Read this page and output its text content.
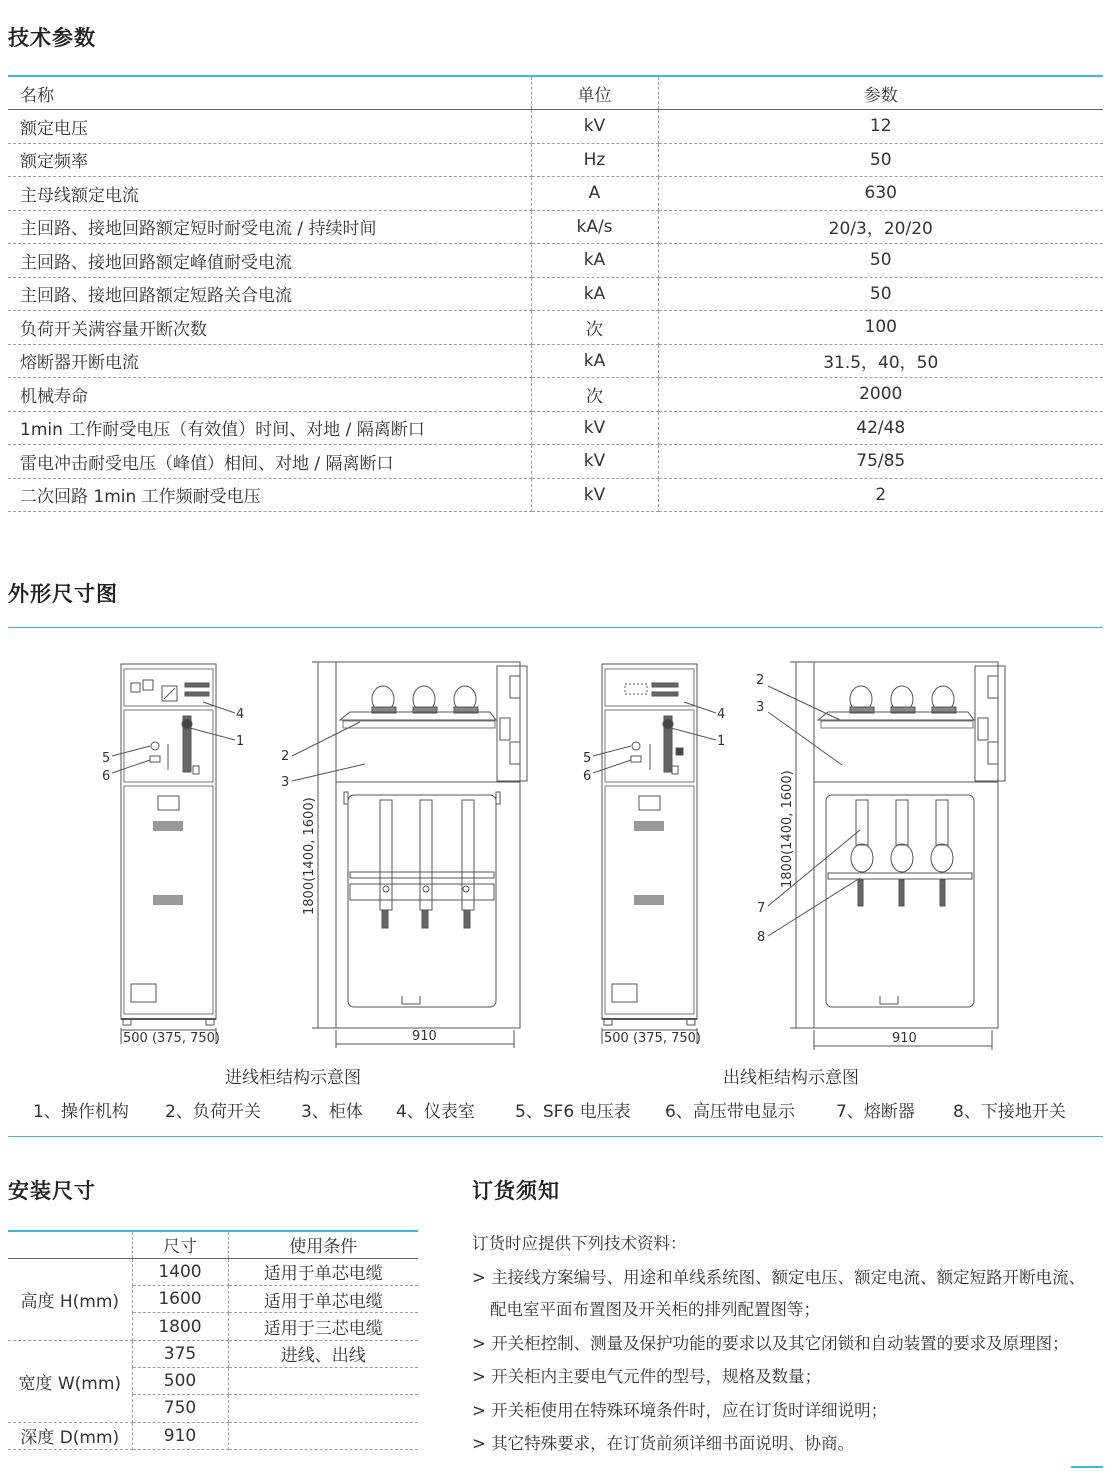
技术参数
名称	单位	参数
额定电压	kV	12
额定频率	Hz	50
主母线额定电流	A	630
主回路、接地回路额定短时耐受电流 / 持续时间	kA/s	20/3，20/20
主回路、接地回路额定峰值耐受电流	kA	50
主回路、接地回路额定短路关合电流	kA	50
负荷开关满容量开断次数	次	100
熔断器开断电流	kA	31.5，40，50
机械寿命	次	2000
1min 工作耐受电压（有效值）时间、对地 / 隔离断口	kV	42/48
雷电冲击耐受电压（峰值）相间、对地 / 隔离断口	kV	75/85
二次回路 1min 工作频耐受电压	kV	2
外形尺寸图
4
1
5
6
500 (375, 750)
2
3
1800(1400, 1600)
910
4
1
5
6
500 (375, 750)
2
3
7
8
1800(1400, 1600)
910
进线柜结构示意图	出线柜结构示意图
1、操作机构 2、负荷开关 3、柜体 4、仪表室 5、SF6 电压表 6、高压带电显示 7、熔断器 8、下接地开关
安装尺寸
	尺寸	使用条件
高度 H(mm)	1400	适用于单芯电缆
	1600	适用于单芯电缆
	1800	适用于三芯电缆
宽度 W(mm)	375	进线、出线
	500	
	750	
深度 D(mm)	910	
订货须知
订货时应提供下列技术资料：
> 主接线方案编号、用途和单线系统图、额定电压、额定电流、额定短路开断电流、
配电室平面布置图及开关柜的排列配置图等；
> 开关柜控制、测量及保护功能的要求以及其它闭锁和自动装置的要求及原理图；
> 开关柜内主要电气元件的型号，规格及数量；
> 开关柜使用在特殊环境条件时，应在订货时详细说明；
> 其它特殊要求，在订货前须详细书面说明、协商。
